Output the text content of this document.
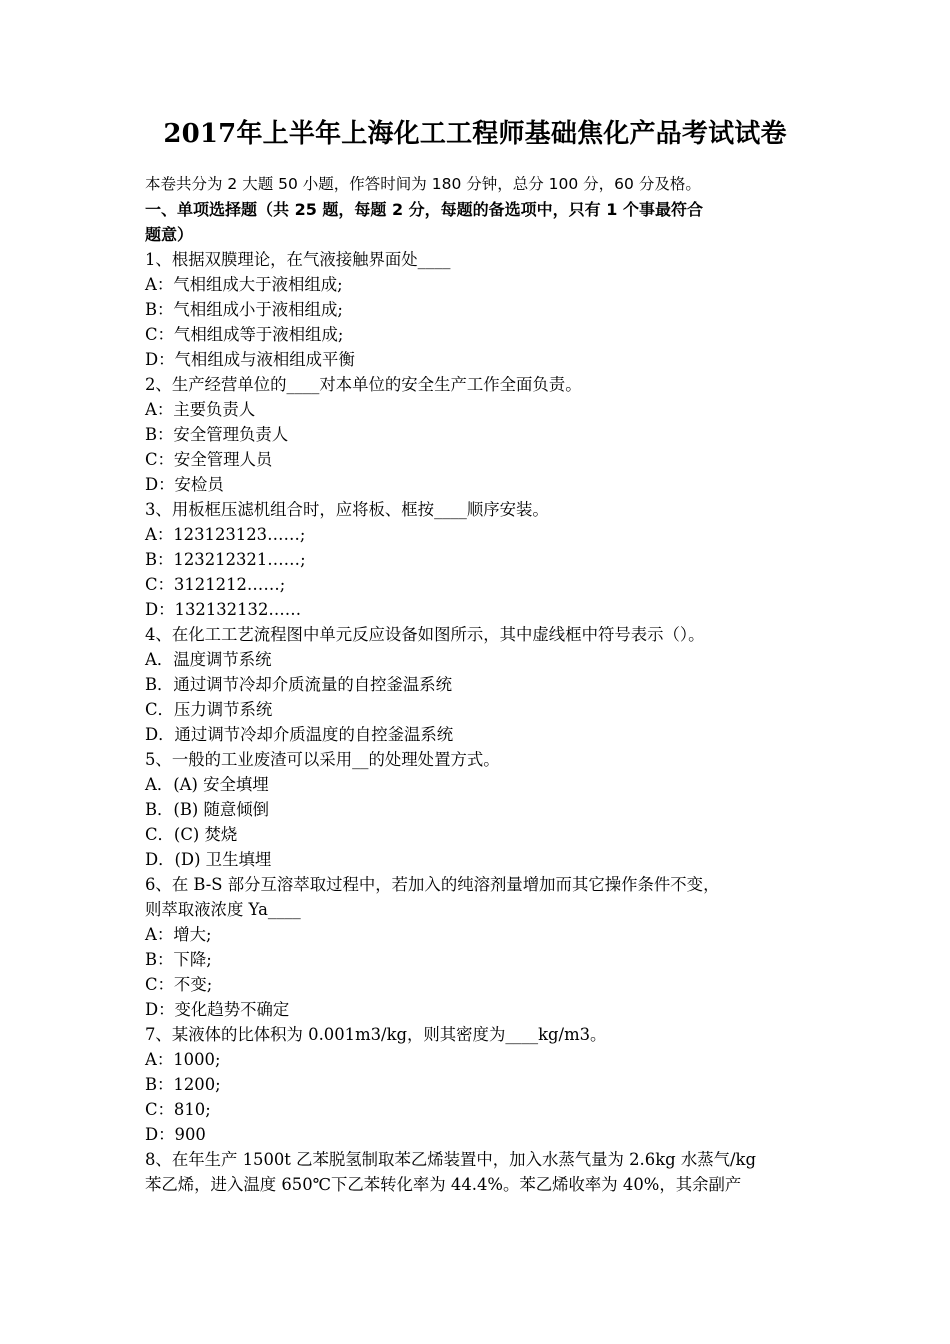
2017年上半年上海化工工程师基础焦化产品考试试卷
本卷共分为 2 大题 50 小题，作答时间为 180 分钟，总分 100 分，60 分及格。
一、单项选择题（共 25 题，每题 2 分，每题的备选项中，只有 1 个事最符合
题意）
1、根据双膜理论，在气液接触界面处____
A：气相组成大于液相组成;
B：气相组成小于液相组成;
C：气相组成等于液相组成;
D：气相组成与液相组成平衡
2、生产经营单位的____对本单位的安全生产工作全面负责。
A：主要负责人
B：安全管理负责人
C：安全管理人员
D：安检员
3、用板框压滤机组合时，应将板、框按____顺序安装。
A：123123123……;
B：123212321……;
C：3121212……;
D：132132132……
4、在化工工艺流程图中单元反应设备如图所示，其中虚线框中符号表示（）。
A．温度调节系统
B．通过调节冷却介质流量的自控釜温系统
C．压力调节系统
D．通过调节冷却介质温度的自控釜温系统
5、一般的工业废渣可以采用__的处理处置方式。
A．(A) 安全填埋
B．(B) 随意倾倒
C．(C) 焚烧
D．(D) 卫生填埋
6、在 B-S 部分互溶萃取过程中，若加入的纯溶剂量增加而其它操作条件不变，
则萃取液浓度 Ya____
A：增大;
B：下降;
C：不变;
D：变化趋势不确定
7、某液体的比体积为 0.001m3/kg，则其密度为____kg/m3。
A：1000;
B：1200;
C：810;
D：900
8、在年生产 1500t 乙苯脱氢制取苯乙烯装置中，加入水蒸气量为 2.6kg 水蒸气/kg
苯乙烯，进入温度 650℃下乙苯转化率为 44.4%。苯乙烯收率为 40%，其余副产
